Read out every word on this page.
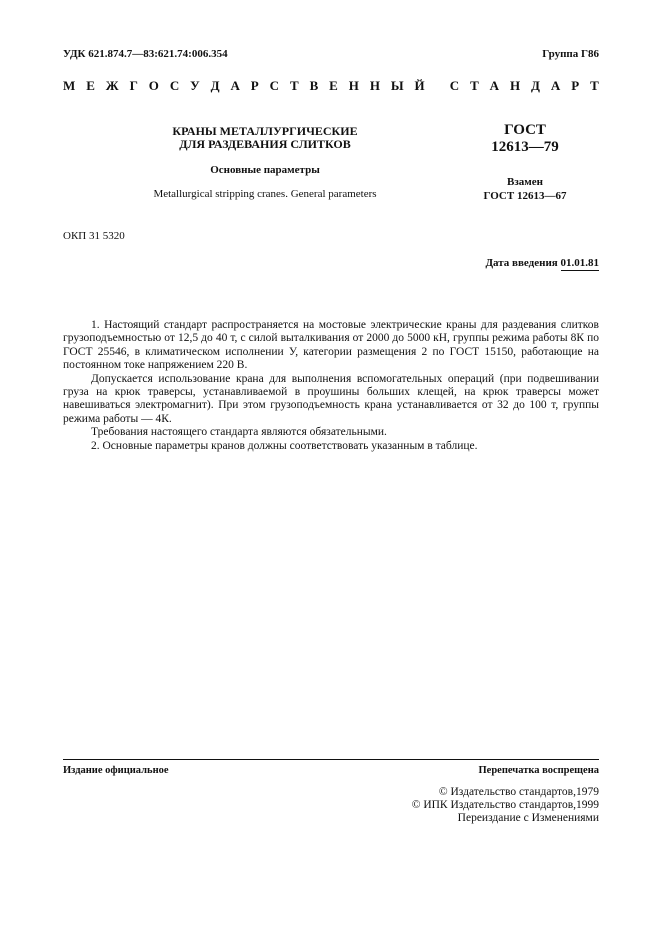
УДК 621.874.7—83:621.74:006.354	Группа Г86
М Е Ж Г О С У Д А Р С Т В Е Н Н Ы Й
С Т А Н Д А Р Т
КРАНЫ МЕТАЛЛУРГИЧЕСКИЕ
ДЛЯ РАЗДЕВАНИЯ СЛИТКОВ
Основные параметры
Metallurgical stripping cranes. General parameters
ГОСТ
12613—79
Взамен
ГОСТ 12613—67
ОКП 31 5320
Дата введения 01.01.81

1. Настоящий стандарт распространяется на мостовые электрические краны для раздевания слитков грузоподъемностью от 12,5 до 40 т, с силой выталкивания от 2000 до 5000 кН, группы режима работы 8К по ГОСТ 25546, в климатическом исполнении У, категории размещения 2 по ГОСТ 15150, работающие на постоянном токе напряжением 220 В.

Допускается использование крана для выполнения вспомогательных операций (при подвешивании груза на крюк траверсы, устанавливаемой в проушины больших клещей, на крюк траверсы может навешиваться электромагнит). При этом грузоподъемность крана устанавливается от 32 до 100 т, группы режима работы — 4К.

Требования настоящего стандарта являются обязательными.

2. Основные параметры кранов должны соответствовать указанным в таблице.

Издание официальное	Перепечатка воспрещена
© Издательство стандартов,1979
© ИПК Издательство стандартов,1999
Переиздание с Изменениями
